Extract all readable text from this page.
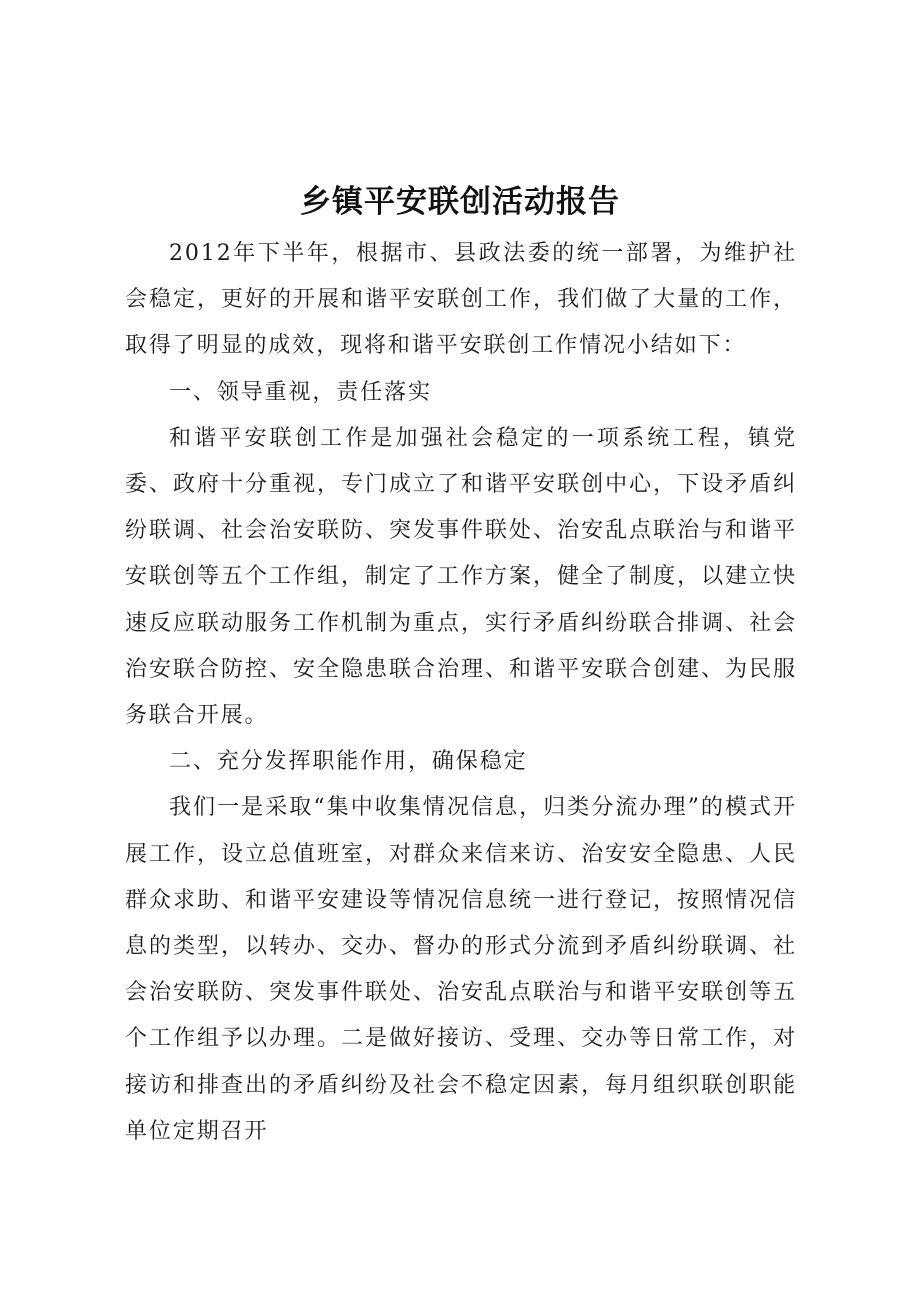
乡镇平安联创活动报告

2012年下半年，根据市、县政法委的统一部署，为维护社会稳定，更好的开展和谐平安联创工作，我们做了大量的工作，取得了明显的成效，现将和谐平安联创工作情况小结如下：

一、领导重视，责任落实

和谐平安联创工作是加强社会稳定的一项系统工程，镇党委、政府十分重视，专门成立了和谐平安联创中心，下设矛盾纠纷联调、社会治安联防、突发事件联处、治安乱点联治与和谐平安联创等五个工作组，制定了工作方案，健全了制度，以建立快速反应联动服务工作机制为重点，实行矛盾纠纷联合排调、社会治安联合防控、安全隐患联合治理、和谐平安联合创建、为民服务联合开展。

二、充分发挥职能作用，确保稳定

我们一是采取“集中收集情况信息，归类分流办理”的模式开展工作，设立总值班室，对群众来信来访、治安安全隐患、人民群众求助、和谐平安建设等情况信息统一进行登记，按照情况信息的类型，以转办、交办、督办的形式分流到矛盾纠纷联调、社会治安联防、突发事件联处、治安乱点联治与和谐平安联创等五个工作组予以办理。二是做好接访、受理、交办等日常工作，对接访和排查出的矛盾纠纷及社会不稳定因素，每月组织联创职能单位定期召开
